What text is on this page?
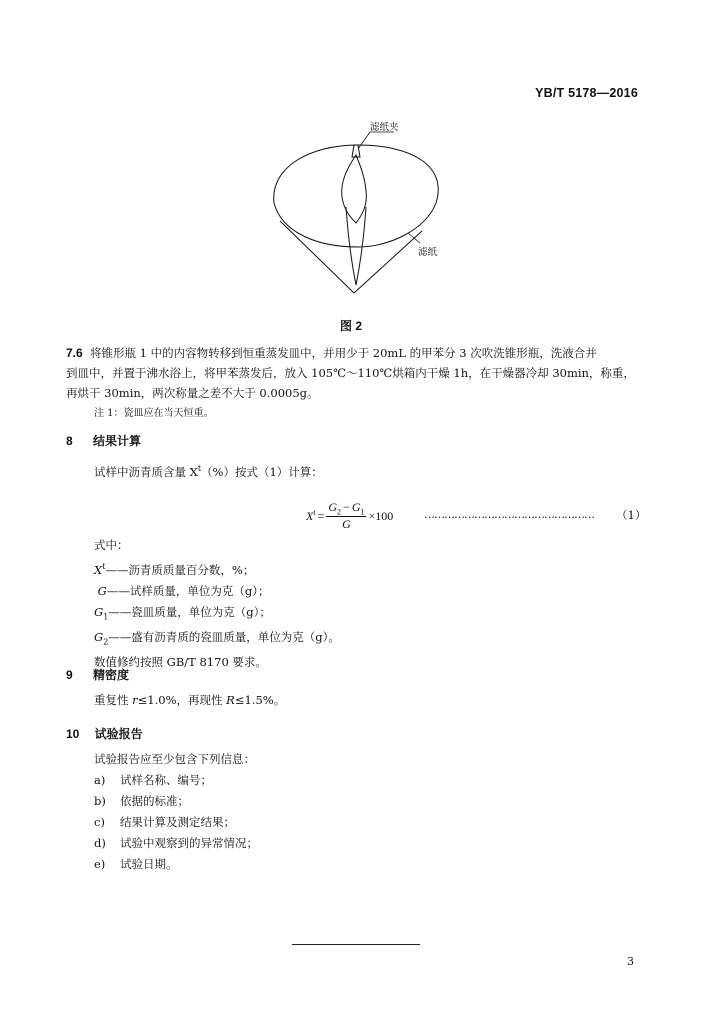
YB/T 5178—2016
滤纸夹
滤纸
图 2
7.6 将锥形瓶 1 中的内容物转移到恒重蒸发皿中，并用少于 20mL 的甲苯分 3 次吹洗锥形瓶，洗液合并
到皿中，并置于沸水浴上，将甲苯蒸发后，放入 105℃～110℃烘箱内干燥 1h，在干燥器冷却 30min，称重，
再烘干 30min，两次称量之差不大于 0.0005g。
注 1：瓷皿应在当天恒重。
8 结果计算
试样中沥青质含量 $X^t(\%)$按式（1）计算：
$X^t = \frac{G_2 - G_1}{G} \times 100$	…………………………………………… （1）
式中：
$X^t——$沥青质质量百分数，%；
G——试样质量，单位为克（g）；
$G_1——$瓷皿质量，单位为克（g）；
$G_2——$盛有沥青质的瓷皿质量，单位为克（g）。
数值修约按照 GB/T 8170 要求。
9 精密度
重复性 r≤1.0%，再现性 R≤1.5%。
10 试验报告
试验报告应至少包含下列信息：
a)	试样名称、编号；
b)	依据的标准；
c)	结果计算及测定结果；
d)	试验中观察到的异常情况；
e)	试验日期。
3
